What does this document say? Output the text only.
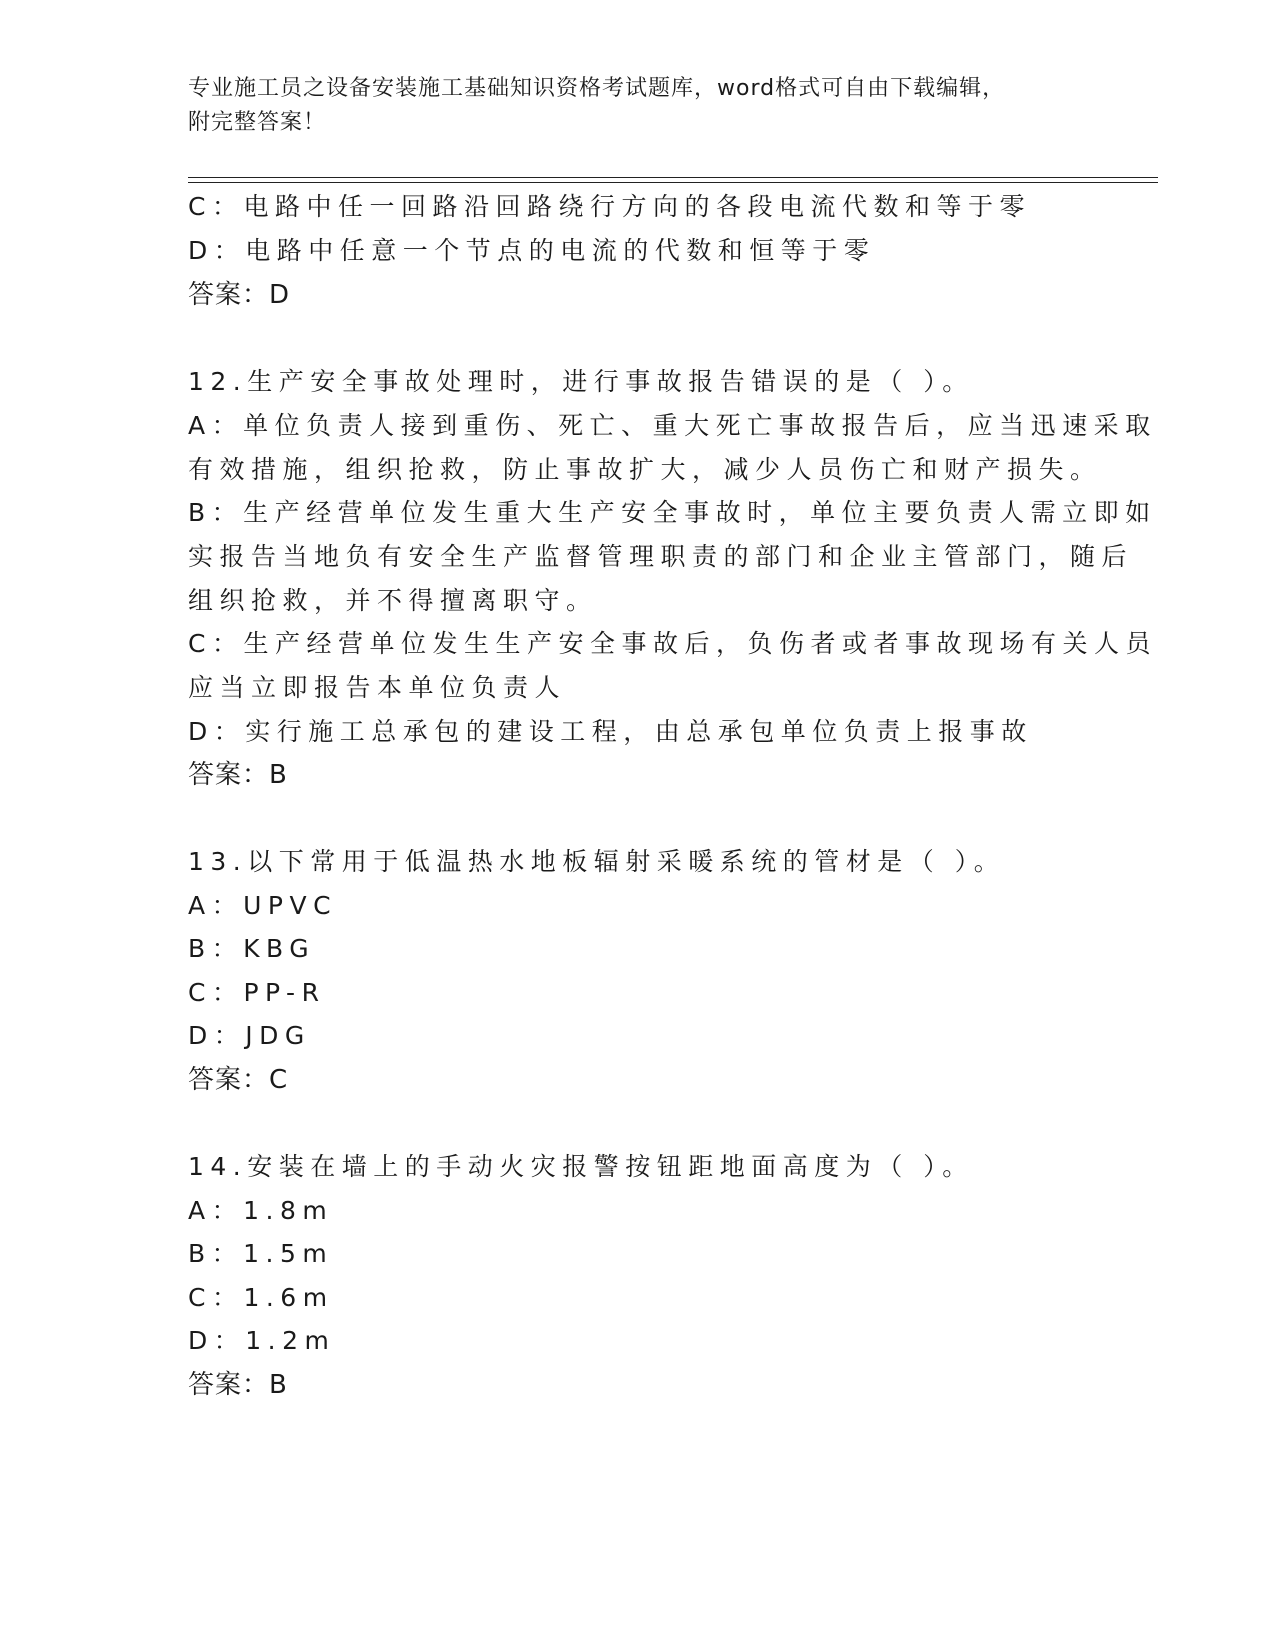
专业施工员之设备安装施工基础知识资格考试题库，word格式可自由下载编辑，
附完整答案！
C：电路中任一回路沿回路绕行方向的各段电流代数和等于零
D：电路中任意一个节点的电流的代数和恒等于零
答案：D
12.生产安全事故处理时，进行事故报告错误的是（ ）。
A：单位负责人接到重伤、死亡、重大死亡事故报告后，应当迅速采取
有效措施，组织抢救，防止事故扩大，减少人员伤亡和财产损失。
B：生产经营单位发生重大生产安全事故时，单位主要负责人需立即如
实报告当地负有安全生产监督管理职责的部门和企业主管部门，随后
组织抢救，并不得擅离职守。
C：生产经营单位发生生产安全事故后，负伤者或者事故现场有关人员
应当立即报告本单位负责人
D：实行施工总承包的建设工程，由总承包单位负责上报事故
答案：B
13.以下常用于低温热水地板辐射采暖系统的管材是（ ）。
A：UPVC
B：KBG
C：PP-R
D：JDG
答案：C
14.安装在墙上的手动火灾报警按钮距地面高度为（ ）。
A：1.8m
B：1.5m
C：1.6m
D：1.2m
答案：B
